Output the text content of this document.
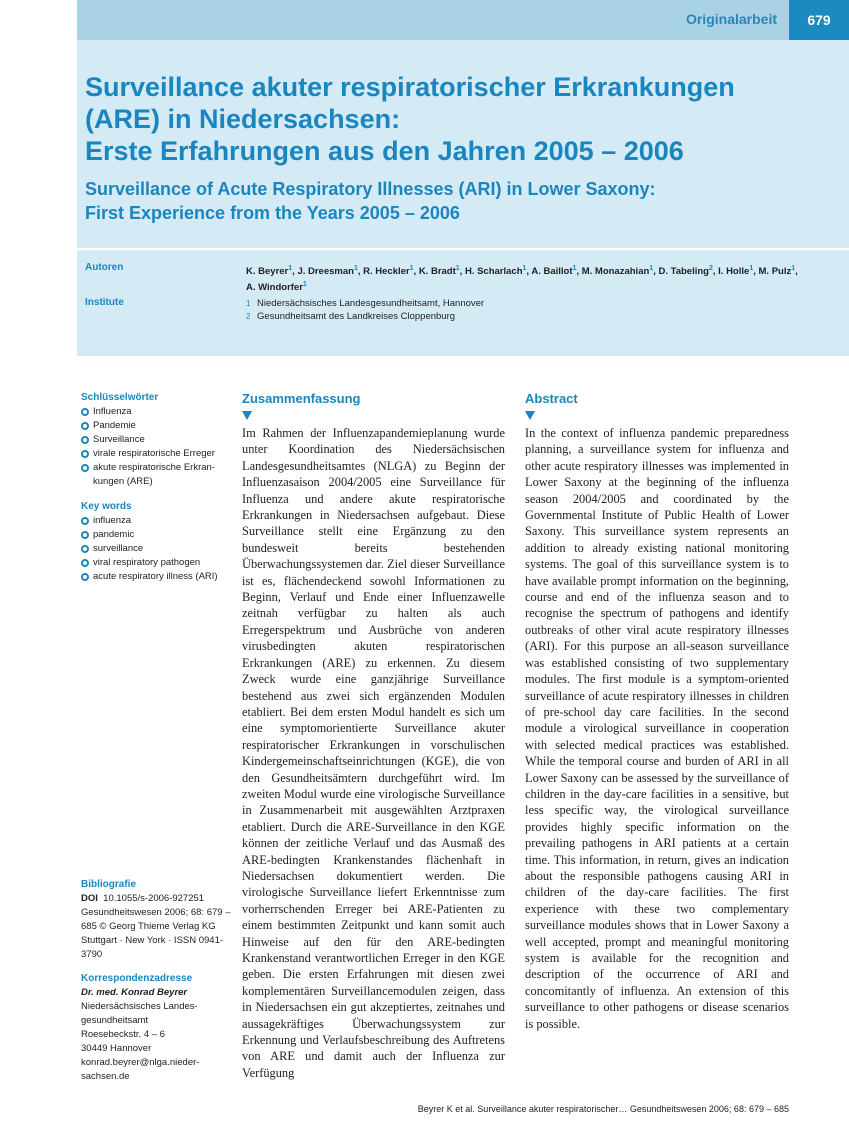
Originalarbeit	679
Surveillance akuter respiratorischer Erkrankungen
(ARE) in Niedersachsen:
Erste Erfahrungen aus den Jahren 2005 – 2006
Surveillance of Acute Respiratory Illnesses (ARI) in Lower Saxony:
First Experience from the Years 2005 – 2006
Autoren
Institute
K. Beyrer$^1$, J. Dreesman$^1$, R. Heckler$^1$, K. Bradt$^1$, H. Scharlach$^1$, A. Baillot$^1$, M. Monazahian$^1$, D. Tabeling$^2$, I. Holle$^1$, M. Pulz$^1$, A. Windorfer$^1$
1 Niedersächsisches Landesgesundheitsamt, Hannover
2 Gesundheitsamt des Landkreises Cloppenburg
Schlüsselwörter
Influenza
Pandemie
Surveillance
virale respiratorische Erreger
akute respiratorische Erkrankungen (ARE)
Key words
influenza
pandemic
surveillance
viral respiratory pathogen
acute respiratory illness (ARI)
Bibliografie
DOI 10.1055/s-2006-927251 Gesundheitswesen 2006; 68: 679 – 685 © Georg Thieme Verlag KG Stuttgart · New York · ISSN 0941-3790
Korrespondenzadresse
Dr. med. Konrad Beyrer
Niedersächsisches Landesgesundheitsamt
Roesebeckstr. 4 – 6
30449 Hannover
konrad.beyrer@nlga.niedersachsen.de
Zusammenfassung

Im Rahmen der Influenzapandemieplanung wurde unter Koordination des Niedersächsischen Landesgesundheitsamtes (NLGA) zu Beginn der Influenzasaison 2004/2005 eine Surveillance für Influenza und andere akute respiratorische Erkrankungen in Niedersachsen aufgebaut. Diese Surveillance stellt eine Ergänzung zu den bundesweit bereits bestehenden Überwachungssystemen dar. Ziel dieser Surveillance ist es, flächendeckend sowohl Informationen zu Beginn, Verlauf und Ende einer Influenzawelle zeitnah verfügbar zu halten als auch Erregerspektrum und Ausbrüche von anderen virusbedingten akuten respiratorischen Erkrankungen (ARE) zu erkennen. Zu diesem Zweck wurde eine ganzjährige Surveillance bestehend aus zwei sich ergänzenden Modulen etabliert. Bei dem ersten Modul handelt es sich um eine symptomorientierte Surveillance akuter respiratorischer Erkrankungen in vorschulischen Kindergemeinschaftseinrichtungen (KGE), die von den Gesundheitsämtern durchgeführt wird. Im zweiten Modul wurde eine virologische Surveillance in Zusammenarbeit mit ausgewählten Arztpraxen etabliert. Durch die ARE-Surveillance in den KGE können der zeitliche Verlauf und das Ausmaß des ARE-bedingten Krankenstandes flächenhaft in Niedersachsen dokumentiert werden. Die virologische Surveillance liefert Erkenntnisse zum vorherrschenden Erreger bei ARE-Patienten zu einem bestimmten Zeitpunkt und kann somit auch Hinweise auf den für den ARE-bedingten Krankenstand verantwortlichen Erreger in den KGE geben. Die ersten Erfahrungen mit diesen zwei komplementären Surveillancemodulen zeigen, dass in Niedersachsen ein gut akzeptiertes, zeitnahes und aussagekräftiges Überwachungssystem zur Erkennung und Verlaufsbeschreibung des Auftretens von ARE und damit auch der Influenza zur Verfügung

Abstract

In the context of influenza pandemic preparedness planning, a surveillance system for influenza and other acute respiratory illnesses was implemented in Lower Saxony at the beginning of the influenza season 2004/2005 and coordinated by the Governmental Institute of Public Health of Lower Saxony. This surveillance system represents an addition to already existing national monitoring systems. The goal of this surveillance system is to have available prompt information on the beginning, course and end of the influenza season and to recognise the spectrum of pathogens and identify outbreaks of other viral acute respiratory illnesses (ARI). For this purpose an all-season surveillance was established consisting of two supplementary modules. The first module is a symptom-oriented surveillance of acute respiratory illnesses in children of pre-school day care facilities. In the second module a virological surveillance in cooperation with selected medical practices was established. While the temporal course and burden of ARI in all Lower Saxony can be assessed by the surveillance of children in the day-care facilities in a sensitive, but less specific way, the virological surveillance provides highly specific information on the prevailing pathogens in ARI patients at a certain time. This information, in return, gives an indication about the responsible pathogens causing ARI in children of the day-care facilities. The first experience with these two complementary surveillance modules shows that in Lower Saxony a well accepted, prompt and meaningful monitoring system is available for the recognition and description of the occurrence of ARI and concomitantly of influenza. An extension of this surveillance to other pathogens or disease scenarios is possible.

Beyrer K et al. Surveillance akuter respiratorischer… Gesundheitswesen 2006; 68: 679 – 685
